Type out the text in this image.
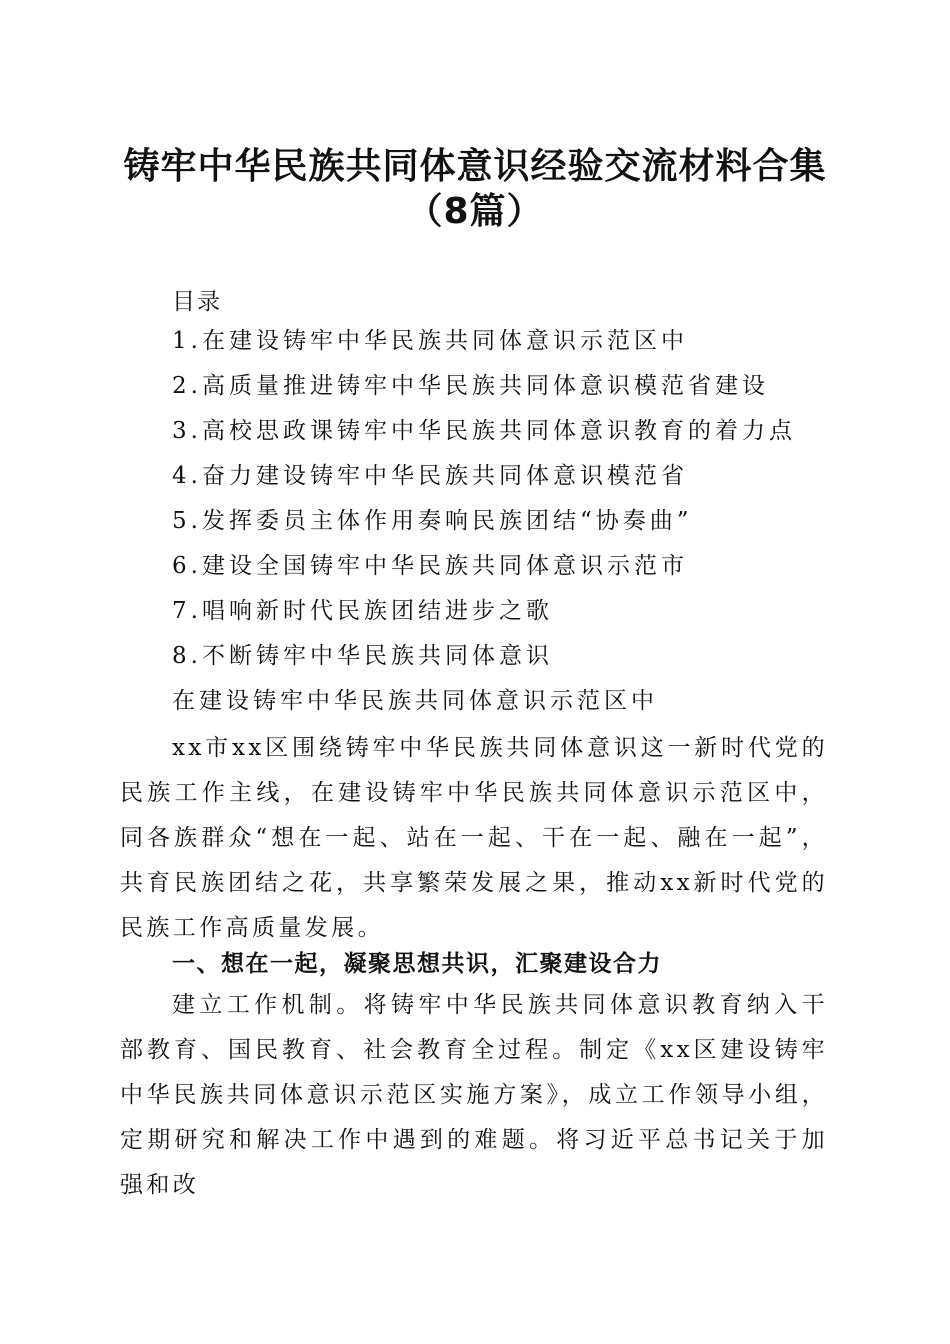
铸牢中华民族共同体意识经验交流材料合集
（8篇）
目录
1.在建设铸牢中华民族共同体意识示范区中
2.高质量推进铸牢中华民族共同体意识模范省建设
3.高校思政课铸牢中华民族共同体意识教育的着力点
4.奋力建设铸牢中华民族共同体意识模范省
5.发挥委员主体作用奏响民族团结“协奏曲”
6.建设全国铸牢中华民族共同体意识示范市
7.唱响新时代民族团结进步之歌
8.不断铸牢中华民族共同体意识
在建设铸牢中华民族共同体意识示范区中

xx市xx区围绕铸牢中华民族共同体意识这一新时代党的民族工作主线，在建设铸牢中华民族共同体意识示范区中，同各族群众“想在一起、站在一起、干在一起、融在一起”，共育民族团结之花，共享繁荣发展之果，推动xx新时代党的民族工作高质量发展。

一、想在一起，凝聚思想共识，汇聚建设合力

建立工作机制。将铸牢中华民族共同体意识教育纳入干部教育、国民教育、社会教育全过程。制定《xx区建设铸牢中华民族共同体意识示范区实施方案》，成立工作领导小组，定期研究和解决工作中遇到的难题。将习近平总书记关于加强和改
